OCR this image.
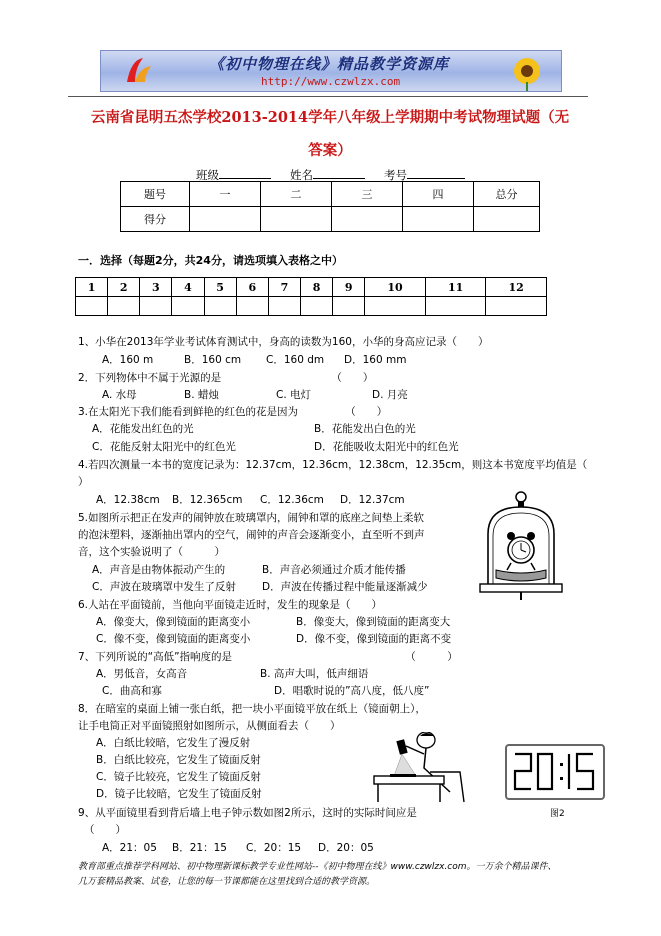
《初中物理在线》精品教学资源库
http://www.czwlzx.com
云南省昆明五杰学校2013-2014学年八年级上学期期中考试物理试题（无
答案）
班级	姓名	考号
题号	一	二	三	四	总分
得分					
一．选择（每题2分，共24分，请选项填入表格之中）
1	2	3	4	5	6	7	8	9	10	11	12

1、小华在2013年学业考试体育测试中，身高的读数为160，小华的身高应记录（　　）
A．160 m	B．160 cm C．160 dm D．160 mm
2．下列物体中不属于光源的是　　　　　　　　　　　（　　）
A. 水母	B. 蜡烛	C. 电灯	D. 月亮
3.在太阳光下我们能看到鲜艳的红色的花是因为　　　　　（　　）
A．花能发出红色的光	B．花能发出白色的光
C．花能反射太阳光中的红色光	D．花能吸收太阳光中的红色光
4.若四次测量一本书的宽度记录为：12.37cm，12.36cm，12.38cm，12.35cm，则这本书宽度平均值是（
）
A．12.38cm B．12.365cm C．12.36cm D．12.37cm
5.如图所示把正在发声的闹钟放在玻璃罩内，闹钟和罩的底座之间垫上柔软
的泡沫塑料，逐渐抽出罩内的空气，闹钟的声音会逐渐变小，直至听不到声
音，这个实验说明了（　　　）
A．声音是由物体振动产生的	B．声音必须通过介质才能传播
C．声波在玻璃罩中发生了反射 D．声波在传播过程中能量逐渐减少
6.人站在平面镜前，当他向平面镜走近时，发生的现象是（　　）
A．像变大，像到镜面的距离变小	B．像变大，像到镜面的距离变大
C．像不变，像到镜面的距离变小	D．像不变，像到镜面的距离不变
7、下列所说的“高低”指响度的是　　　　　　　　　　　　　　　　　（　　　）
A．男低音，女高音	B. 高声大叫，低声细语
C．曲高和寡	D．唱歌时说的”高八度，低八度”
8．在暗室的桌面上铺一张白纸，把一块小平面镜平放在纸上（镜面朝上），
让手电筒正对平面镜照射如图所示，从侧面看去（　　）
A．白纸比较暗，它发生了漫反射
B．白纸比较亮，它发生了镜面反射
C．镜子比较亮，它发生了镜面反射
D．镜子比较暗，它发生了镜面反射
图2
9、从平面镜里看到背后墙上电子钟示数如图2所示，这时的实际时间应是
（　　）
A．21：05 B．21：15 C．20：15 D．20：05
教育部重点推荐学科网站、初中物理新课标教学专业性网站--《初中物理在线》www.czwlzx.com。一万余个精品课件、
几万套精品教案、试卷，让您的每一节课都能在这里找到合适的教学资源。
